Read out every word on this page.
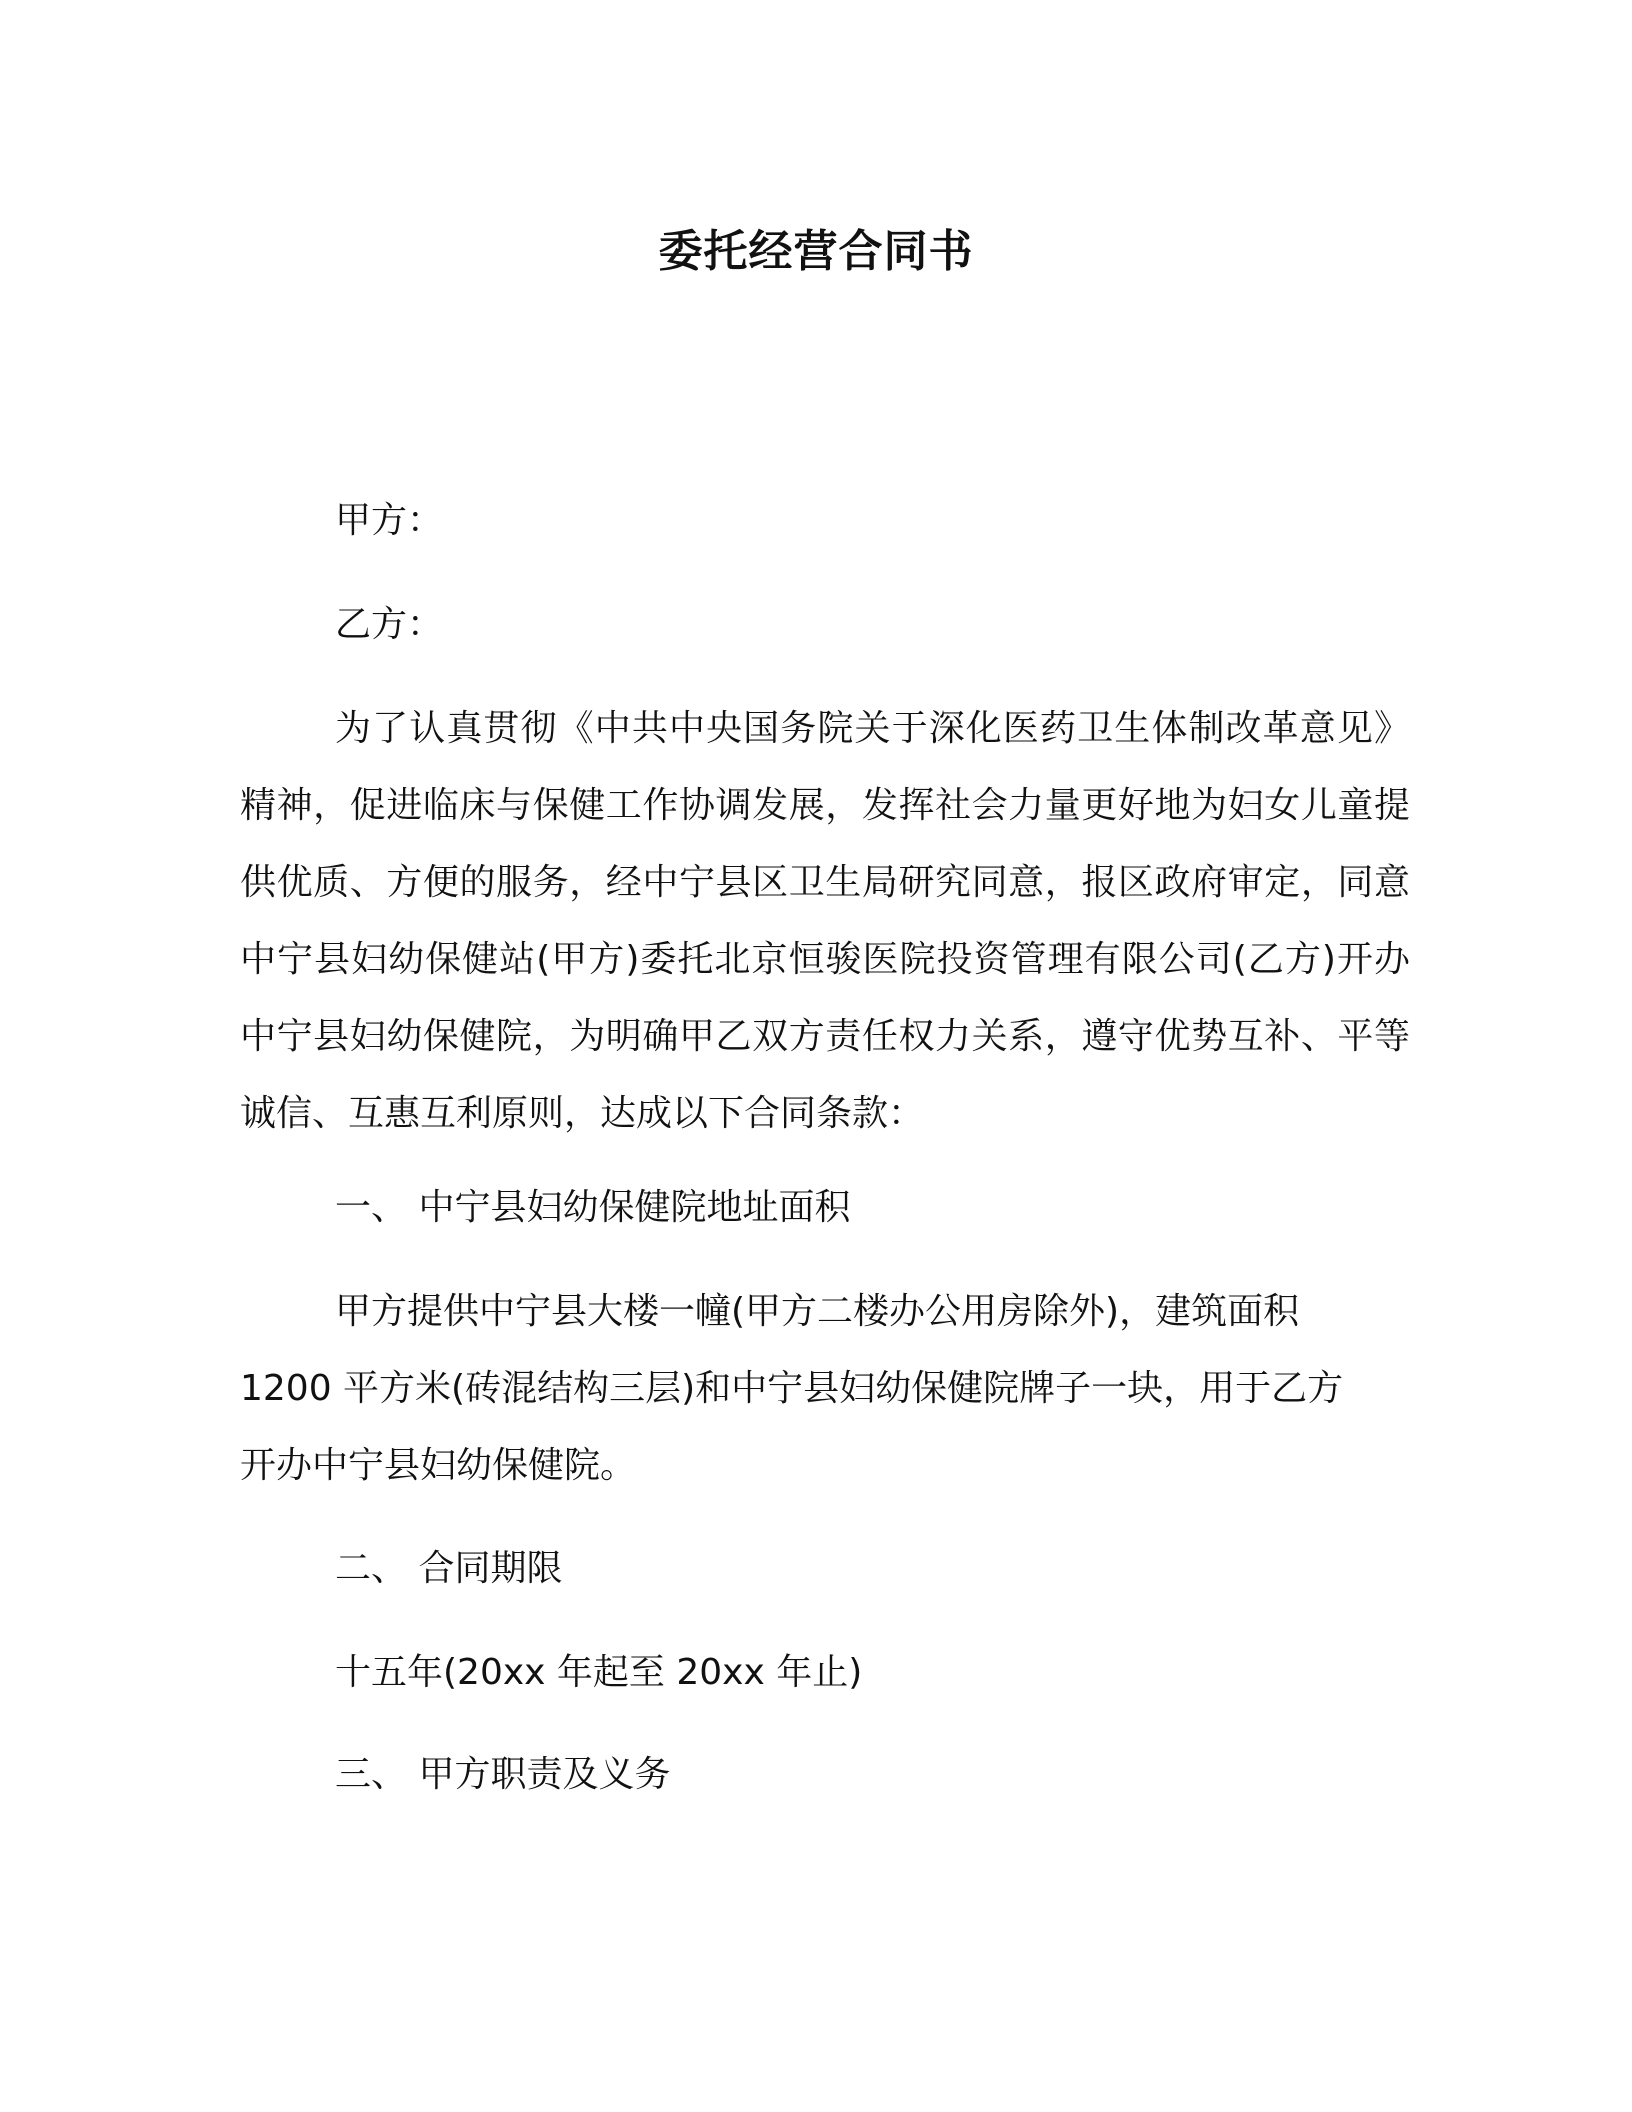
委托经营合同书
甲方：
乙方：
为了认真贯彻《中共中央国务院关于深化医药卫生体制改革意见》精神，促进临床与保健工作协调发展，发挥社会力量更好地为妇女儿童提供优质、方便的服务，经中宁县区卫生局研究同意，报区政府审定，同意中宁县妇幼保健站(甲方)委托北京恒骏医院投资管理有限公司(乙方)开办中宁县妇幼保健院，为明确甲乙双方责任权力关系，遵守优势互补、平等诚信、互惠互利原则，达成以下合同条款：
一、 中宁县妇幼保健院地址面积
甲方提供中宁县大楼一幢(甲方二楼办公用房除外)，建筑面积
1200 平方米(砖混结构三层)和中宁县妇幼保健院牌子一块，用于乙方
开办中宁县妇幼保健院。
二、 合同期限
十五年(20xx 年起至 20xx 年止)
三、 甲方职责及义务
